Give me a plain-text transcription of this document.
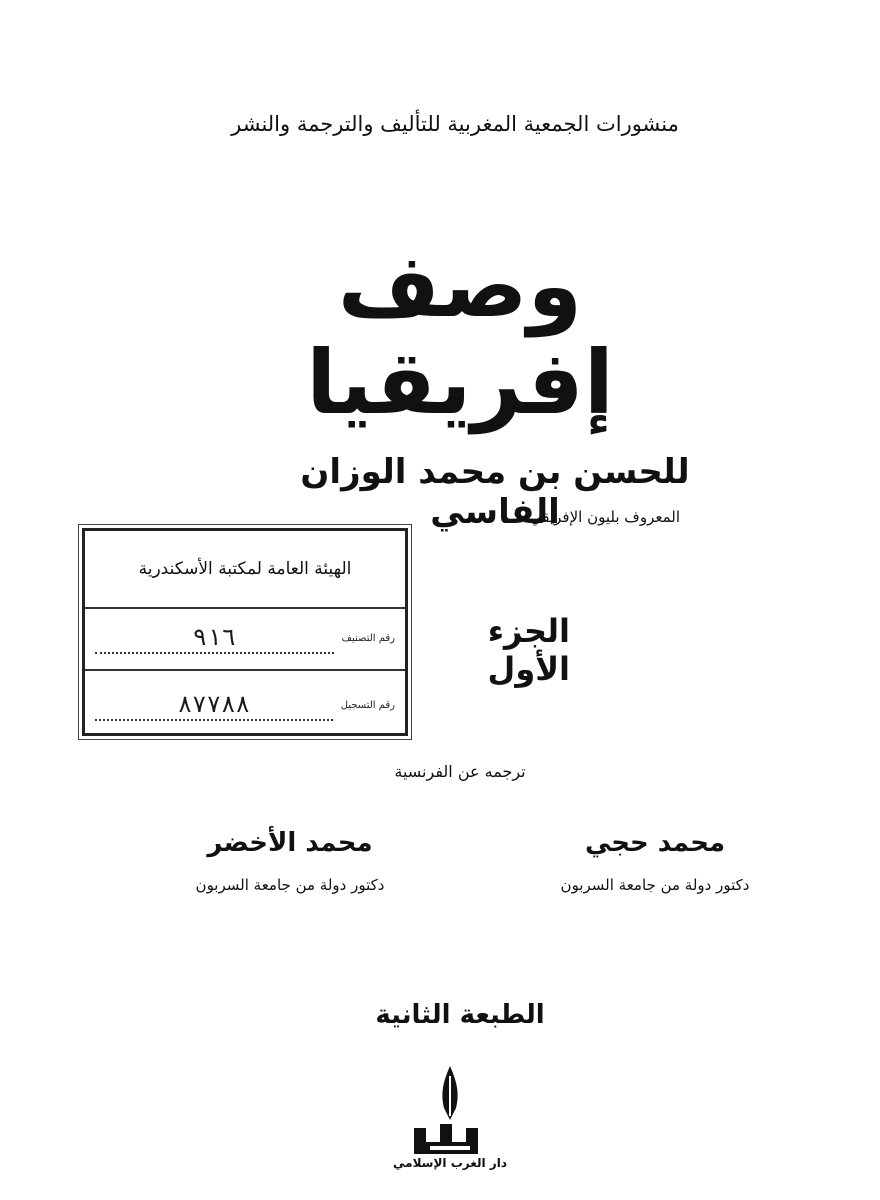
منشورات الجمعية المغربية للتأليف والترجمة والنشر
وصف إفريقيا
للحسن بن محمد الوزان الفاسي
المعروف بليون الإفريقي
الجزء الأول
الهيئة العامة لمكتبة الأسكندرية
رقم التصنيف
٩١٦
رقم التسجيل
٨٧٧٨٨
ترجمه عن الفرنسية
محمد حجي
دكتور دولة من جامعة السربون
محمد الأخضر
دكتور دولة من جامعة السربون
الطبعة الثانية
دار الغرب الإسلامي
